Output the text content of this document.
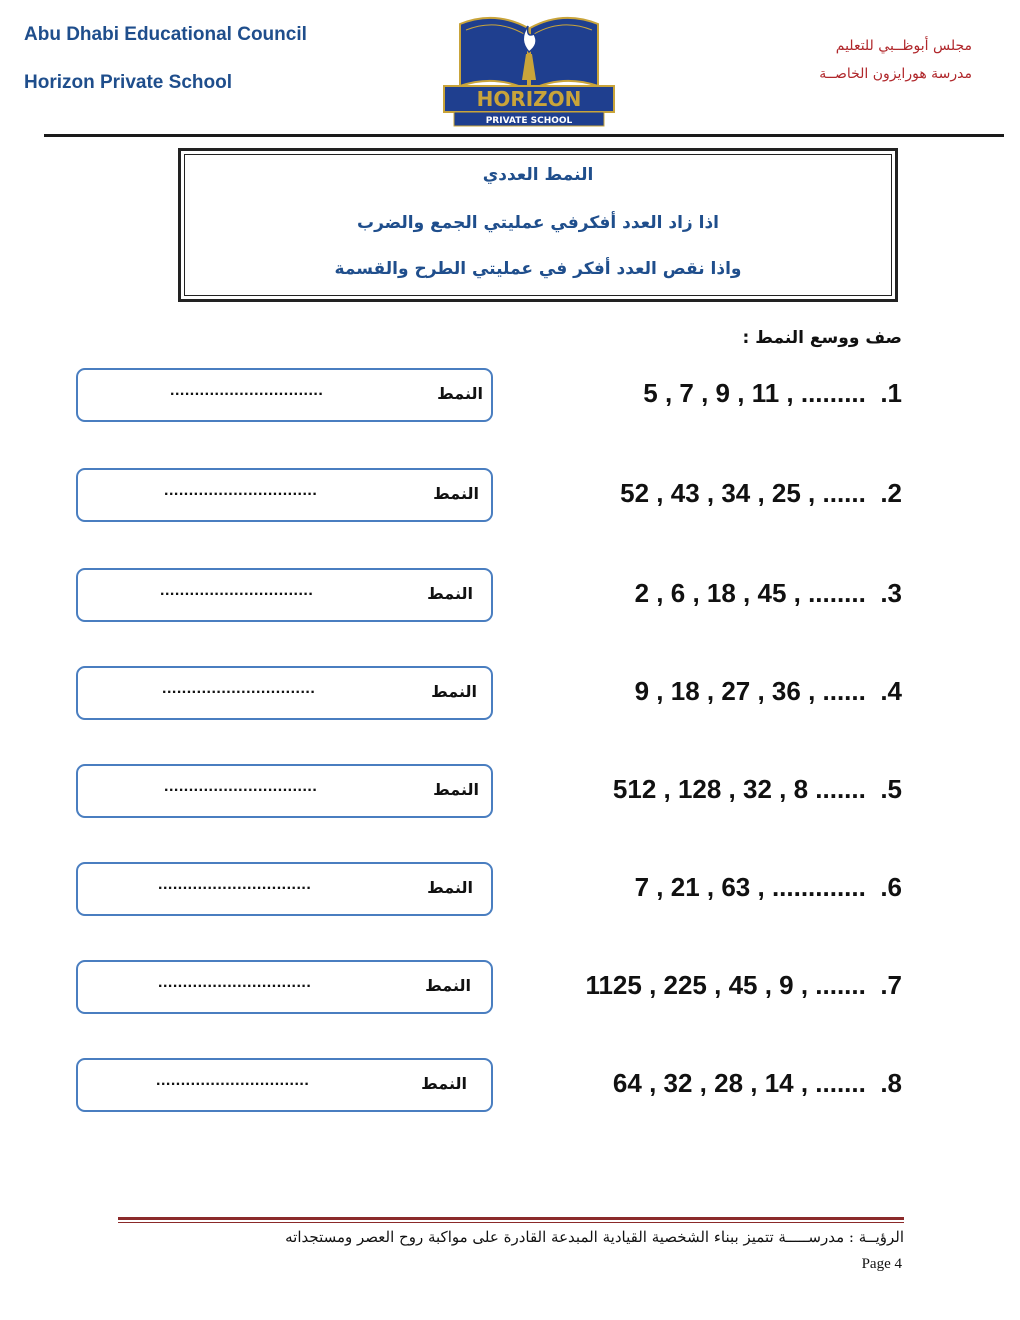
Abu Dhabi Educational Council
Horizon Private School
مجلس أبوظــبي للتعليم
مدرسة هورايزون الخاصــة
HORIZON
PRIVATE SCHOOL
النمط العددي
اذا زاد العدد أفكرفي عمليتي الجمع والضرب
واذا نقص العدد أفكر في عمليتي الطرح والقسمة
صف ووسع النمط :
5 , 7 , 9 , 11 , ......... .1
النمط
...............................
52 , 43 , 34 , 25 , ...... .2
النمط
...............................
2 , 6 , 18 , 45 , ........ .3
النمط
...............................
9 , 18 , 27 , 36 , ...... .4
النمط
...............................
512 , 128 , 32 , 8 ....... .5
النمط
...............................
7 , 21 , 63 , ............. .6
النمط
...............................
1125 , 225 , 45 , 9 , ....... .7
النمط
...............................
64 , 32 , 28 , 14 , ....... .8
النمط
...............................
الرؤيــة : مدرســـــة تتميز ببناء الشخصية القيادية المبدعة القادرة على مواكبة روح العصر ومستجداته
Page 4
